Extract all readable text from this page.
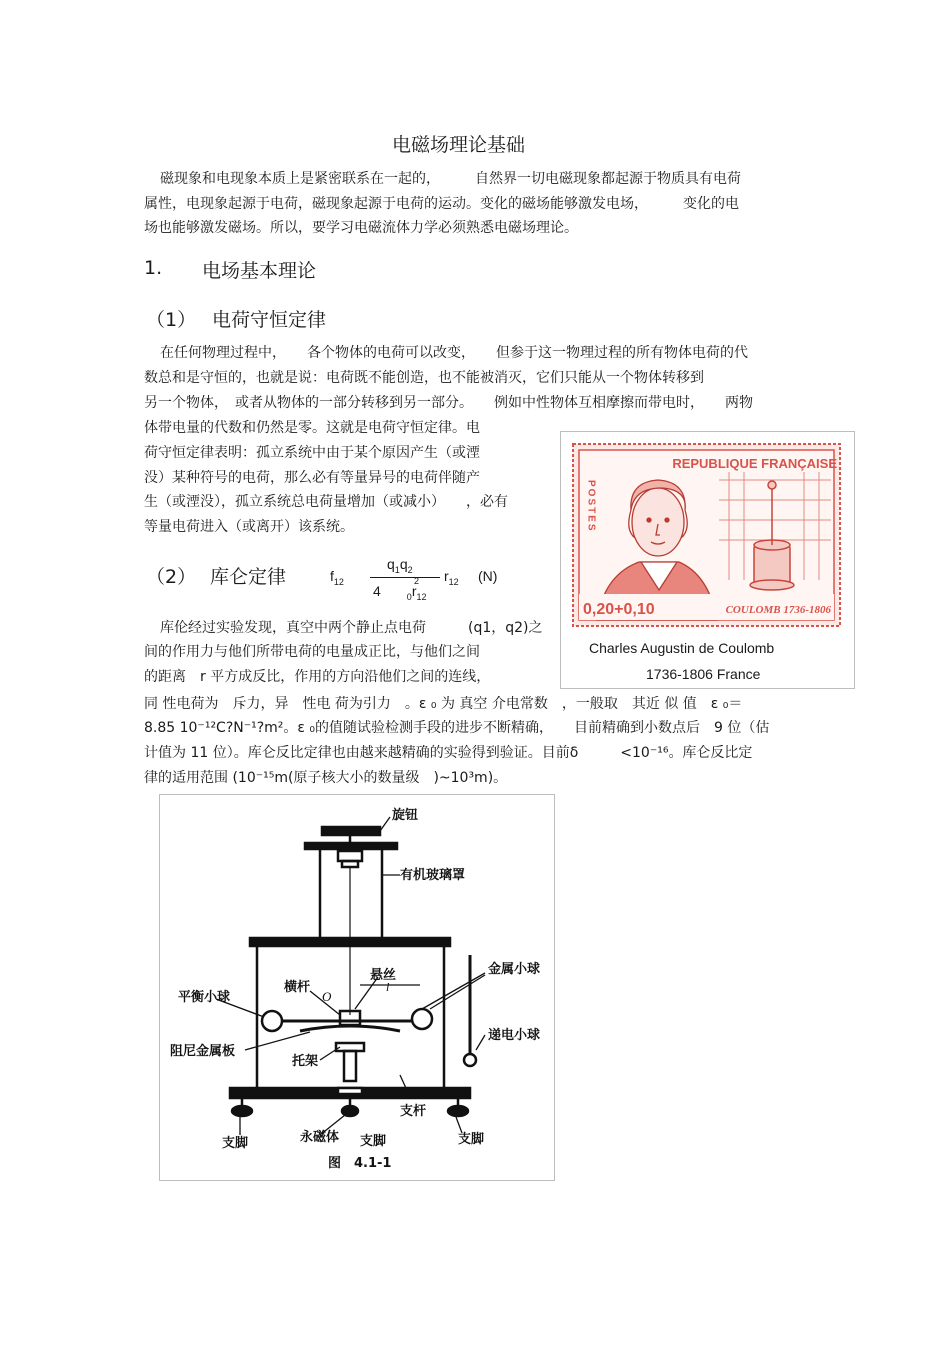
电磁场理论基础
磁现象和电现象本质上是紧密联系在一起的，　　　自然界一切电磁现象都起源于物质具有电荷
属性，电现象起源于电荷，磁现象起源于电荷的运动。变化的磁场能够激发电场，　　　变化的电
场也能够激发磁场。所以，要学习电磁流体力学必须熟悉电磁场理论。
1. 电场基本理论
（1） 电荷守恒定律
在任何物理过程中，　　各个物体的电荷可以改变，　　但参于这一物理过程的所有物体电荷的代
数总和是守恒的，也就是说：电荷既不能创造，也不能被消灭，它们只能从一个物体转移到
另一个物体，　或者从物体的一部分转移到另一部分。　　例如中性物体互相摩擦而带电时，　　两物
体带电量的代数和仍然是零。这就是电荷守恒定律。电
荷守恒定律表明：孤立系统中由于某个原因产生（或湮
没）某种符号的电荷，那么必有等量异号的电荷伴随产
生（或湮没），孤立系统总电荷量增加（或减小）　　，必有
等量电荷进入（或离开）该系统。
REPUBLIQUE FRANÇAISE
POSTES
0,20+0,10	COULOMB 1736-1806
Charles Augustin de Coulomb
1736-1806 France
（2） 库仑定律	$f_{12}$
$q_1q_2$
4	$_0r_{12}$
2 $r_{12}$ (N)
库伦经过实验发现，真空中两个静止点电荷　　　(q1，q2)之
间的作用力与他们所带电荷的电量成正比，与他们之间
的距离　r 平方成反比，作用的方向沿他们之间的连线，
同 性电荷为　斥力，异　性电 荷为引力　。ε ₀ 为 真空 介电常数　，一般取　其近 似 值　ε ₀＝
8.85 10⁻¹²C?N⁻¹?m²。ε ₀的值随试验检测手段的进步不断精确，　　目前精确到小数点后　9 位（估
计值为 11 位）。库仑反比定律也由越来越精确的实验得到验证。目前δ　　　<10⁻¹⁶。库仑反比定
律的适用范围 (10⁻¹⁵m(原子核大小的数量级　)~10³m)。
旋钮
有机玻璃罩
金属小球
横杆
悬丝
平衡小球	O
l
递电小球
阻尼金属板
托架
支杆
支脚	永磁体 支脚	支脚
图　4.1-1
